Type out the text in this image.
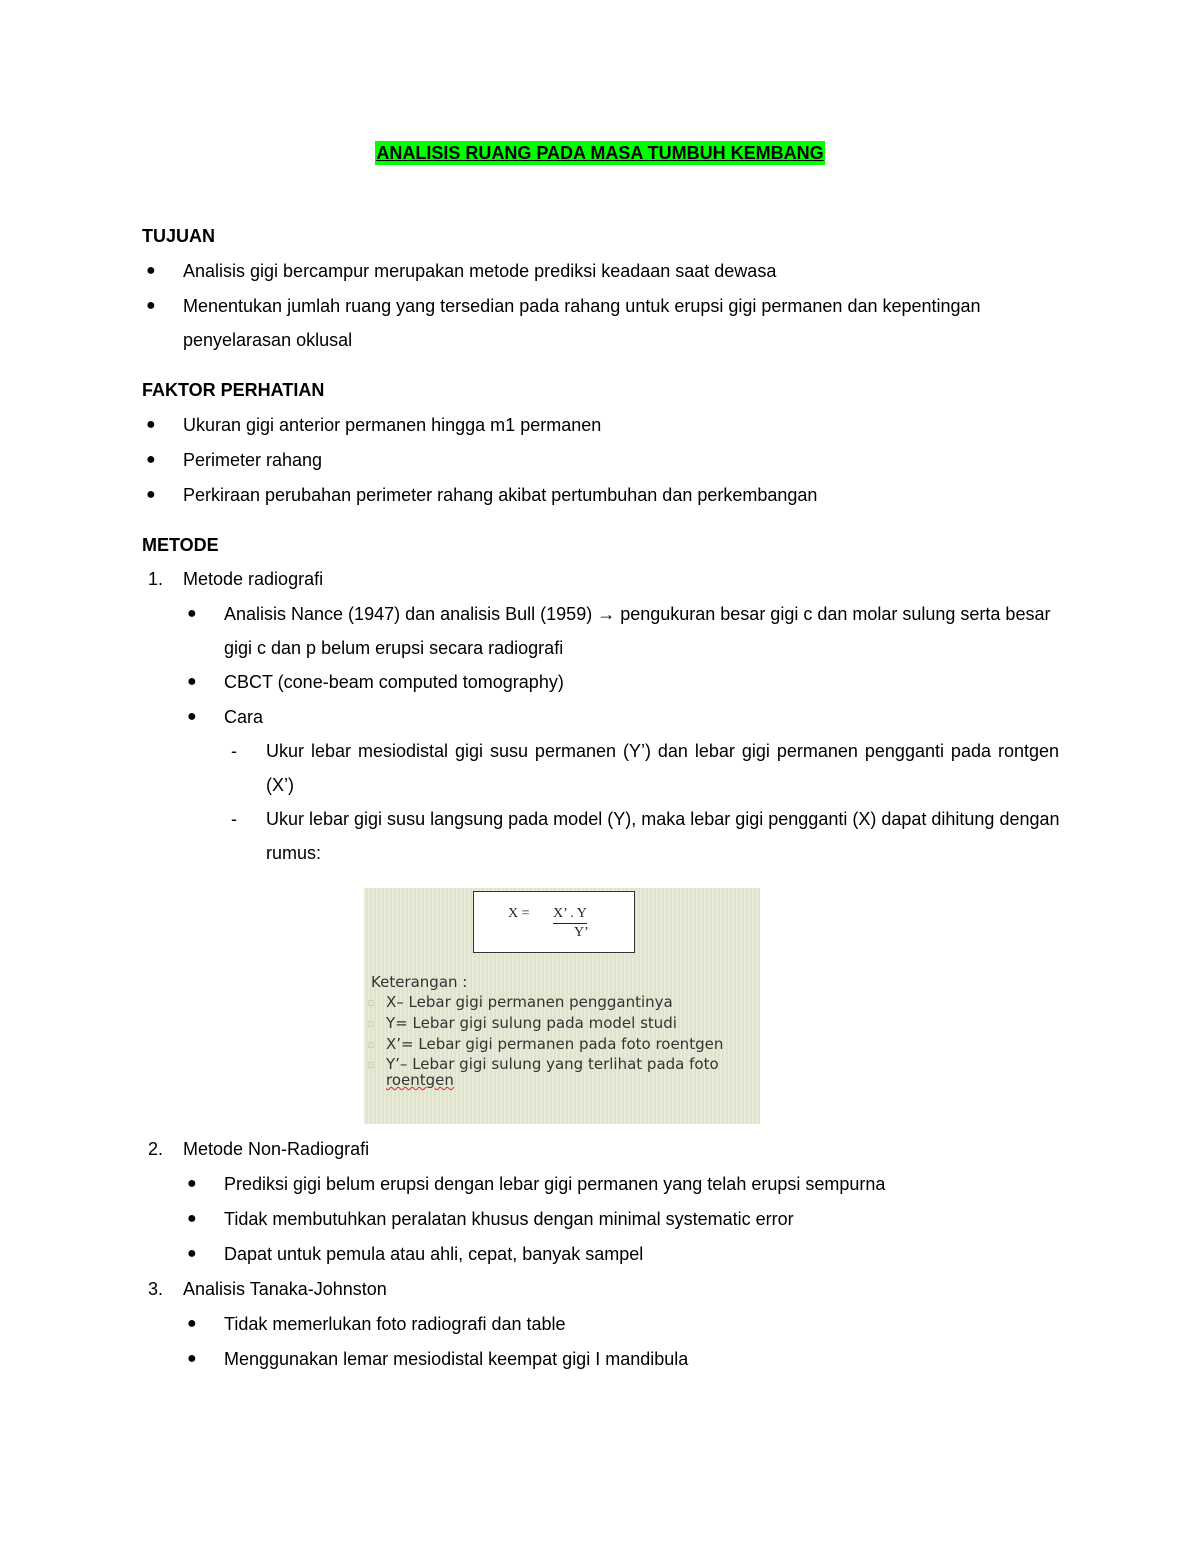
ANALISIS RUANG PADA MASA TUMBUH KEMBANG
TUJUAN
● Analisis gigi bercampur merupakan metode prediksi keadaan saat dewasa
● Menentukan jumlah ruang yang tersedian pada rahang untuk erupsi gigi permanen dan kepentingan penyelarasan oklusal
FAKTOR PERHATIAN
● Ukuran gigi anterior permanen hingga m1 permanen
● Perimeter rahang
● Perkiraan perubahan perimeter rahang akibat pertumbuhan dan perkembangan
METODE
1. Metode radiografi
● Analisis Nance (1947) dan analisis Bull (1959) → pengukuran besar gigi c dan molar sulung serta besar gigi c dan p belum erupsi secara radiografi
● CBCT (cone-beam computed tomography)
● Cara
- Ukur lebar mesiodistal gigi susu permanen (Y’) dan lebar gigi permanen pengganti pada rontgen (X’)
- Ukur lebar gigi susu langsung pada model (Y), maka lebar gigi pengganti (X) dapat dihitung dengan rumus:
X = X’ . Y
Y’
Keterangan :
□ X– Lebar gigi permanen penggantinya
□ Y= Lebar gigi sulung pada model studi
□ X’= Lebar gigi permanen pada foto roentgen
□ Y’– Lebar gigi sulung yang terlihat pada foto
roentgen
2. Metode Non-Radiografi
● Prediksi gigi belum erupsi dengan lebar gigi permanen yang telah erupsi sempurna
● Tidak membutuhkan peralatan khusus dengan minimal systematic error
● Dapat untuk pemula atau ahli, cepat, banyak sampel
3. Analisis Tanaka-Johnston
● Tidak memerlukan foto radiografi dan table
● Menggunakan lemar mesiodistal keempat gigi I mandibula
